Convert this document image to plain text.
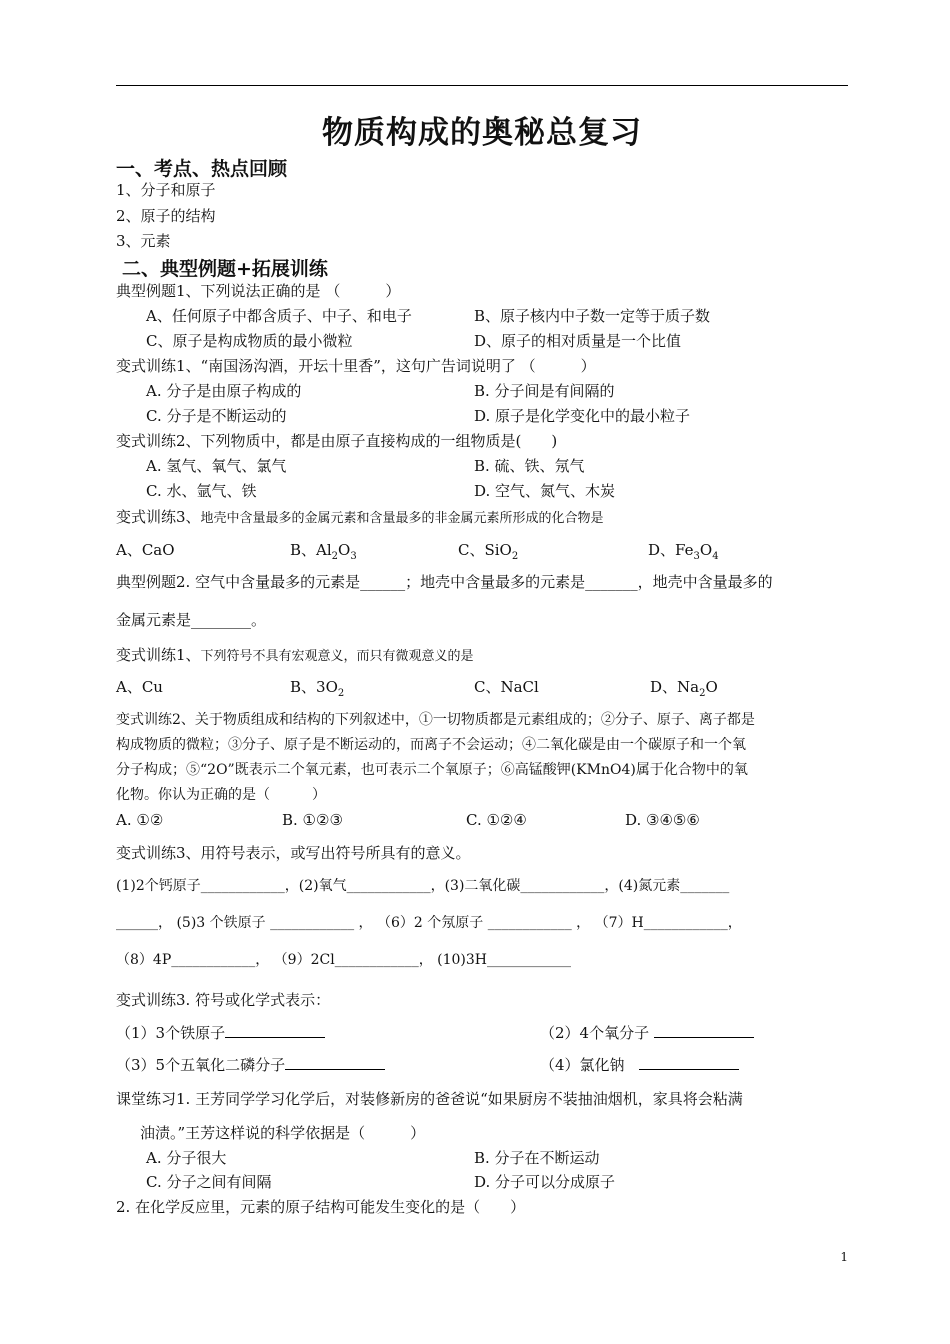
物质构成的奥秘总复习
一、考点、热点回顾
1、分子和原子
2、原子的结构
3、元素
二、典型例题+拓展训练
典型例题1、下列说法正确的是 （　　　）
A、任何原子中都含质子、中子、和电子	B、原子核内中子数一定等于质子数
C、原子是构成物质的最小微粒	D、原子的相对质量是一个比值
变式训练1、“南国汤沟酒，开坛十里香”，这句广告词说明了 （　　　）
A. 分子是由原子构成的	B. 分子间是有间隔的
C. 分子是不断运动的	D. 原子是化学变化中的最小粒子
变式训练2、下列物质中，都是由原子直接构成的一组物质是(　　)
A. 氢气、氧气、氯气	B. 硫、铁、氖气
C. 水、氩气、铁	D. 空气、氮气、木炭
变式训练3、地壳中含量最多的金属元素和含量最多的非金属元素所形成的化合物是
A、CaO	B、$Al_2O_3$	C、SiO$_2$	D、$Fe_3O_4$
典型例题2. 空气中含量最多的元素是______；地壳中含量最多的元素是_______，地壳中含量最多的
金属元素是________。
变式训练1、下列符号不具有宏观意义，而只有微观意义的是
A、Cu	B、$3O_2$	C、NaCl	D、$Na_2O$
变式训练2、关于物质组成和结构的下列叙述中，①一切物质都是元素组成的；②分子、原子、离子都是
构成物质的微粒；③分子、原子是不断运动的，而离子不会运动；④二氧化碳是由一个碳原子和一个氧
分子构成；⑤“2O”既表示二个氧元素，也可表示二个氧原子；⑥高锰酸钾(KMnO4)属于化合物中的氧
化物。你认为正确的是（　　　）
A. ①②	B. ①②③	C. ①②④	D. ③④⑤⑥
变式训练3、用符号表示，或写出符号所具有的意义。
(1)2个钙原子____________，(2)氧气____________，(3)二氧化碳____________，(4)氮元素_______
______， (5)3 个铁原子 ____________ ， （6）2 个氖原子 ____________ ， （7）H____________，
（8）4P____________， （9）2Cl____________， (10)3H____________
变式训练3. 符号或化学式表示：
（1）3个铁原子	（2）4个氧分子
（3）5个五氧化二磷分子	（4）氯化钠
课堂练习1. 王芳同学学习化学后，对装修新房的爸爸说“如果厨房不装抽油烟机，家具将会粘满
油渍。”王芳这样说的科学依据是（　　　）
A. 分子很大	B. 分子在不断运动
C. 分子之间有间隔	D. 分子可以分成原子
2. 在化学反应里，元素的原子结构可能发生变化的是（　　）
1
